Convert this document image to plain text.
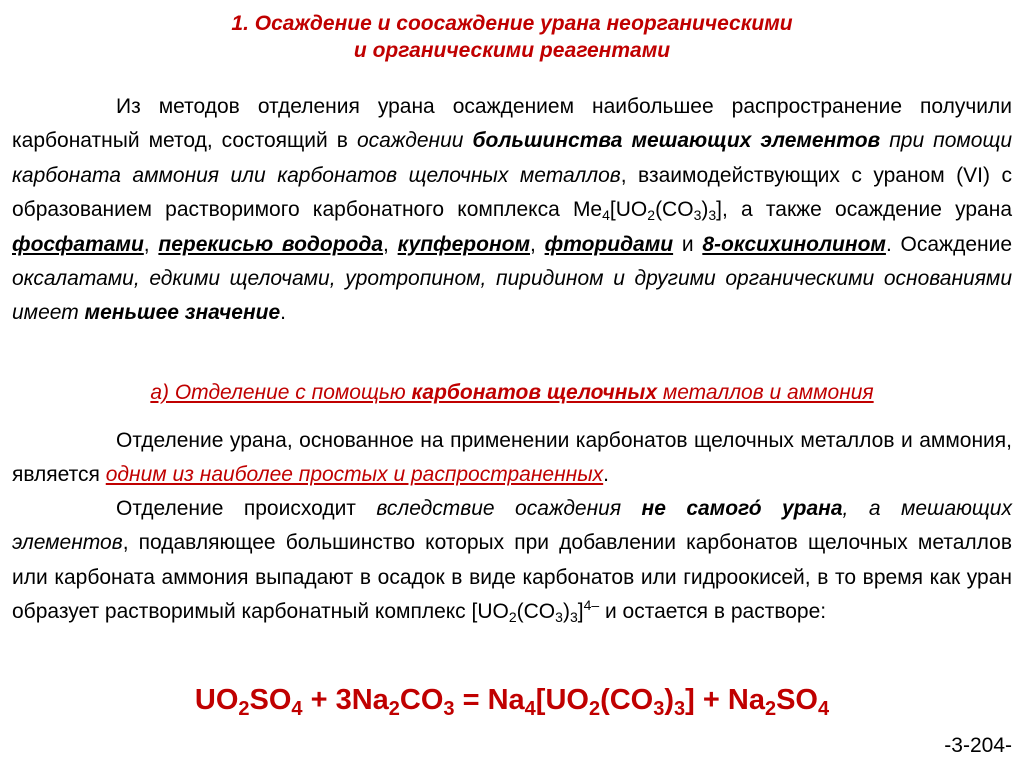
1. Осаждение и соосаждение урана неорганическими
и органическими реагентами
Из методов отделения урана осаждением наибольшее распространение получили карбонатный метод, состоящий в осаждении большинства мешающих элементов при помощи карбоната аммония или карбонатов щелочных металлов, взаимодействующих с ураном (VI) с образованием растворимого карбонатного комплекса $Me_4[UO_2(CO_3)_3]$, а также осаждение урана фосфатами, перекисью водорода, купфероном, фторидами и 8-оксихинолином. Осаждение оксалатами, едкими щелочами, уротропином, пиридином и другими органическими основаниями имеет меньшее значение.
а) Отделение с помощью карбонатов щелочных металлов и аммония
Отделение урана, основанное на применении карбонатов щелочных металлов и аммония, является одним из наиболее простых и распространенных.
Отделение происходит вследствие осаждения не самого́ урана, а мешающих элементов, подавляющее большинство которых при добавлении карбонатов щелочных металлов или карбоната аммония выпадают в осадок в виде карбонатов или гидроокисей, в то время как уран образует растворимый карбонатный комплекс $[UO_2(CO_3)_3]^{4-}$ и остается в растворе:
$UO_2SO_4 + 3Na_2CO_3 = Na_4[UO_2(CO_3)_3] + Na_2SO_4$
-3-204-
